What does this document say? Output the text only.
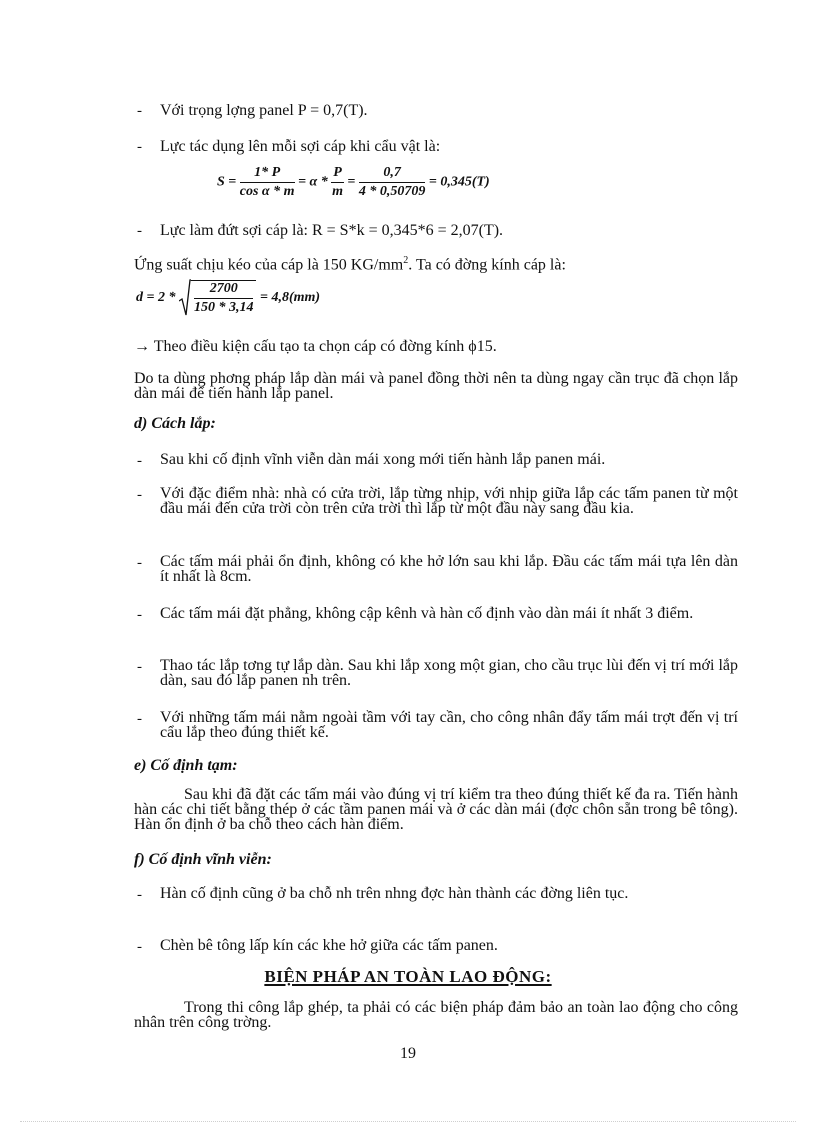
- Với trọng lợng panel P = 0,7(T).
- Lực tác dụng lên mỗi sợi cáp khi cẩu vật là:
$S = \frac{1* P}{\text{cos α * m}} = \alpha * \frac{P}{m} = \frac{0,7}{4 * 0,50709} = 0,345(T)$
- Lực làm đứt sợi cáp là: R = S*k = 0,345*6 = 2,07(T).
Ứng suất chịu kéo của cáp là 150 $KG/mm^2$. Ta có đờng kính cáp là:
$d = 2 * \frac{2700}{150 * 3,14} = 4,8(mm)$
→ Theo điều kiện cấu tạo ta chọn cáp có đờng kính ϕ15.
Do ta dùng phơng pháp lắp dàn mái và panel đồng thời nên ta dùng ngay cần trục đã chọn lắp dàn mái để tiến hành lắp panel.
d) Cách lắp:
- Sau khi cố định vĩnh viễn dàn mái xong mới tiến hành lắp panen mái.
- Với đặc điểm nhà: nhà có cửa trời, lắp từng nhịp, với nhịp giữa lắp các tấm panen từ một đầu mái đến cửa trời còn trên cửa trời thì lắp từ một đầu này sang đầu kia.
- Các tấm mái phải ổn định, không có khe hở lớn sau khi lắp. Đầu các tấm mái tựa lên dàn ít nhất là 8cm.
- Các tấm mái đặt phẳng, không cập kênh và hàn cố định vào dàn mái ít nhất 3 điểm.
- Thao tác lắp tơng tự lắp dàn. Sau khi lắp xong một gian, cho cầu trục lùi đến vị trí mới lắp dàn, sau đó lắp panen nh trên.
- Với những tấm mái nằm ngoài tầm với tay cần, cho công nhân đẩy tấm mái trợt đến vị trí cẩu lắp theo đúng thiết kế.
e) Cố định tạm:
Sau khi đã đặt các tấm mái vào đúng vị trí kiểm tra theo đúng thiết kế đa ra. Tiến hành hàn các chi tiết bằng thép ở các tầm panen mái và ở các dàn mái (đợc chôn sẵn trong bê tông). Hàn ổn định ở ba chỗ theo cách hàn điểm.
f) Cố định vĩnh viễn:
- Hàn cố định cũng ở ba chỗ nh trên nhng đợc hàn thành các đờng liên tục.
- Chèn bê tông lấp kín các khe hở giữa các tấm panen.
BIỆN PHÁP AN TOÀN LAO ĐỘNG:
Trong thi công lắp ghép, ta phải có các biện pháp đảm bảo an toàn lao động cho công nhân trên công trờng.
19
